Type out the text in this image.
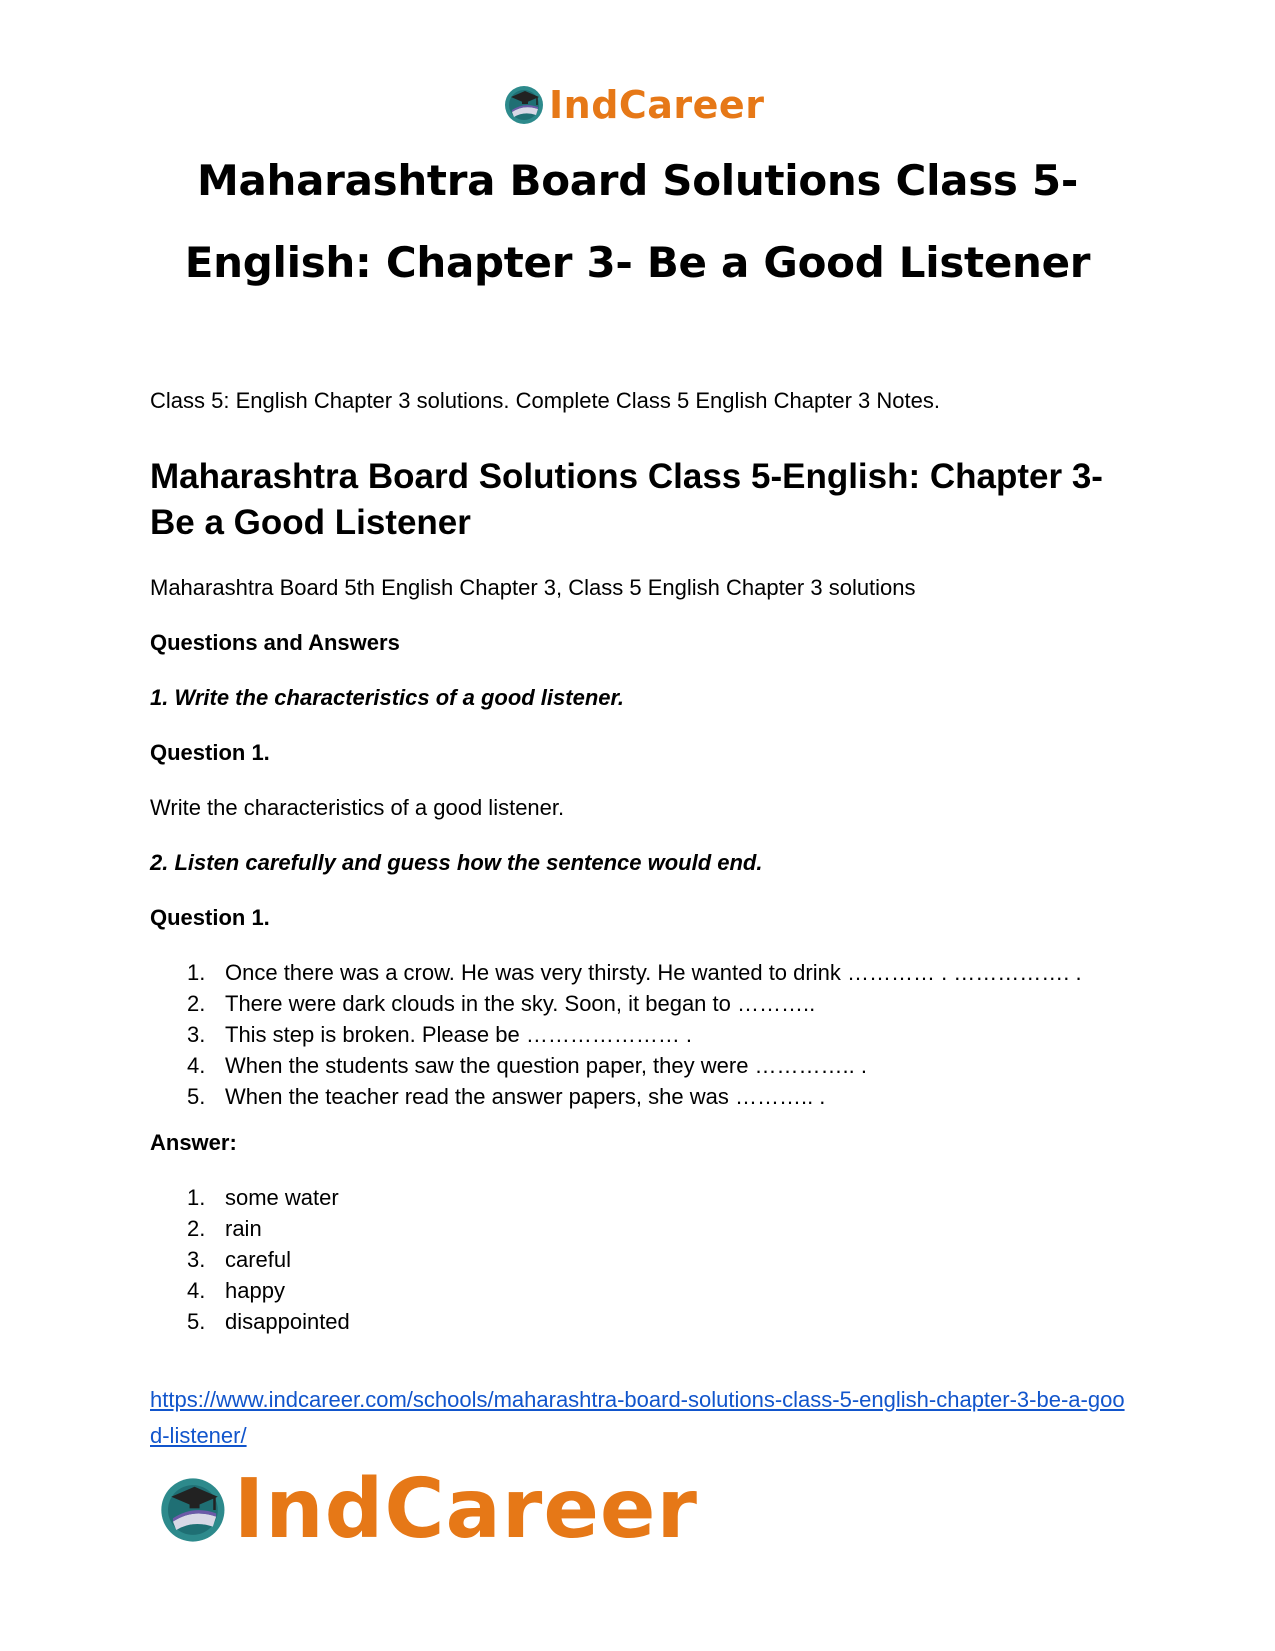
IndCareer
Maharashtra Board Solutions Class 5-English: Chapter 3- Be a Good Listener
Class 5: English Chapter 3 solutions. Complete Class 5 English Chapter 3 Notes.
Maharashtra Board Solutions Class 5-English: Chapter 3- Be a Good Listener
Maharashtra Board 5th English Chapter 3, Class 5 English Chapter 3 solutions
Questions and Answers
1. Write the characteristics of a good listener.
Question 1.
Write the characteristics of a good listener.
2. Listen carefully and guess how the sentence would end.
Question 1.
1. Once there was a crow. He was very thirsty. He wanted to drink ………… . ……………. .
2. There were dark clouds in the sky. Soon, it began to ………..
3. This step is broken. Please be ………………… .
4. When the students saw the question paper, they were ………….. .
5. When the teacher read the answer papers, she was ……….. .
Answer:
1. some water
2. rain
3. careful
4. happy
5. disappointed
https://www.indcareer.com/schools/maharashtra-board-solutions-class-5-english-chapter-3-be-a-good-listener/
IndCareer
